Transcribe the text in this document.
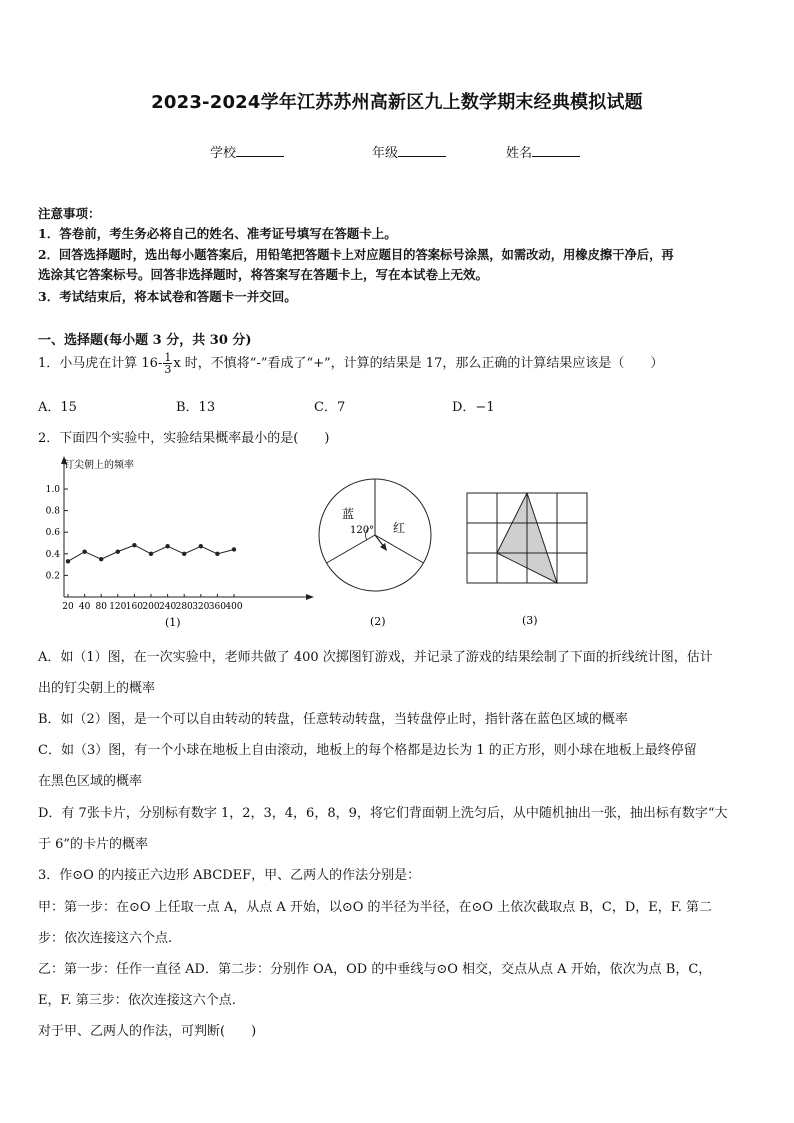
2023-2024学年江苏苏州高新区九上数学期末经典模拟试题
学校	年级	姓名
注意事项：
1．答卷前，考生务必将自己的姓名、准考证号填写在答题卡上。
2．回答选择题时，选出每小题答案后，用铅笔把答题卡上对应题目的答案标号涂黑，如需改动，用橡皮擦干净后，再
选涂其它答案标号。回答非选择题时，将答案写在答题卡上，写在本试卷上无效。
3．考试结束后，将本试卷和答题卡一并交回。
一、选择题(每小题 3 分，共 30 分)
1．小马虎在计算 $16- \frac{1}{3}$ x 时，不慎将“-”看成了“+”，计算的结果是 17，那么正确的计算结果应该是（　　）
A．15	B．13	C．7	D．−1
2．下面四个实验中，实验结果概率最小的是(　　)
1.0
0.8
0.6
0.4
0.2
20 40 80 120 160 200 240 280 320 360 400
钉尖朝上的频率
(1)
蓝
红
120°
(2)	(3)
A．如（1）图，在一次实验中，老师共做了 400 次掷图钉游戏，并记录了游戏的结果绘制了下面的折线统计图，估计
出的钉尖朝上的概率
B．如（2）图，是一个可以自由转动的转盘，任意转动转盘，当转盘停止时，指针落在蓝色区域的概率
C．如（3）图，有一个小球在地板上自由滚动，地板上的每个格都是边长为 1 的正方形，则小球在地板上最终停留
在黑色区域的概率
D．有 7张卡片，分别标有数字 1，2，3，4，6，8，9，将它们背面朝上洗匀后，从中随机抽出一张，抽出标有数字“大
于 6”的卡片的概率
3．作⊙O 的内接正六边形 ABCDEF，甲、乙两人的作法分别是：
甲：第一步：在⊙O 上任取一点 A，从点 A 开始，以⊙O 的半径为半径，在⊙O 上依次截取点 B，C，D，E，F. 第二
步：依次连接这六个点.
乙：第一步：任作一直径 AD．第二步：分别作 OA，OD 的中垂线与⊙O 相交，交点从点 A 开始，依次为点 B，C，
E，F. 第三步：依次连接这六个点.
对于甲、乙两人的作法，可判断(　　)
